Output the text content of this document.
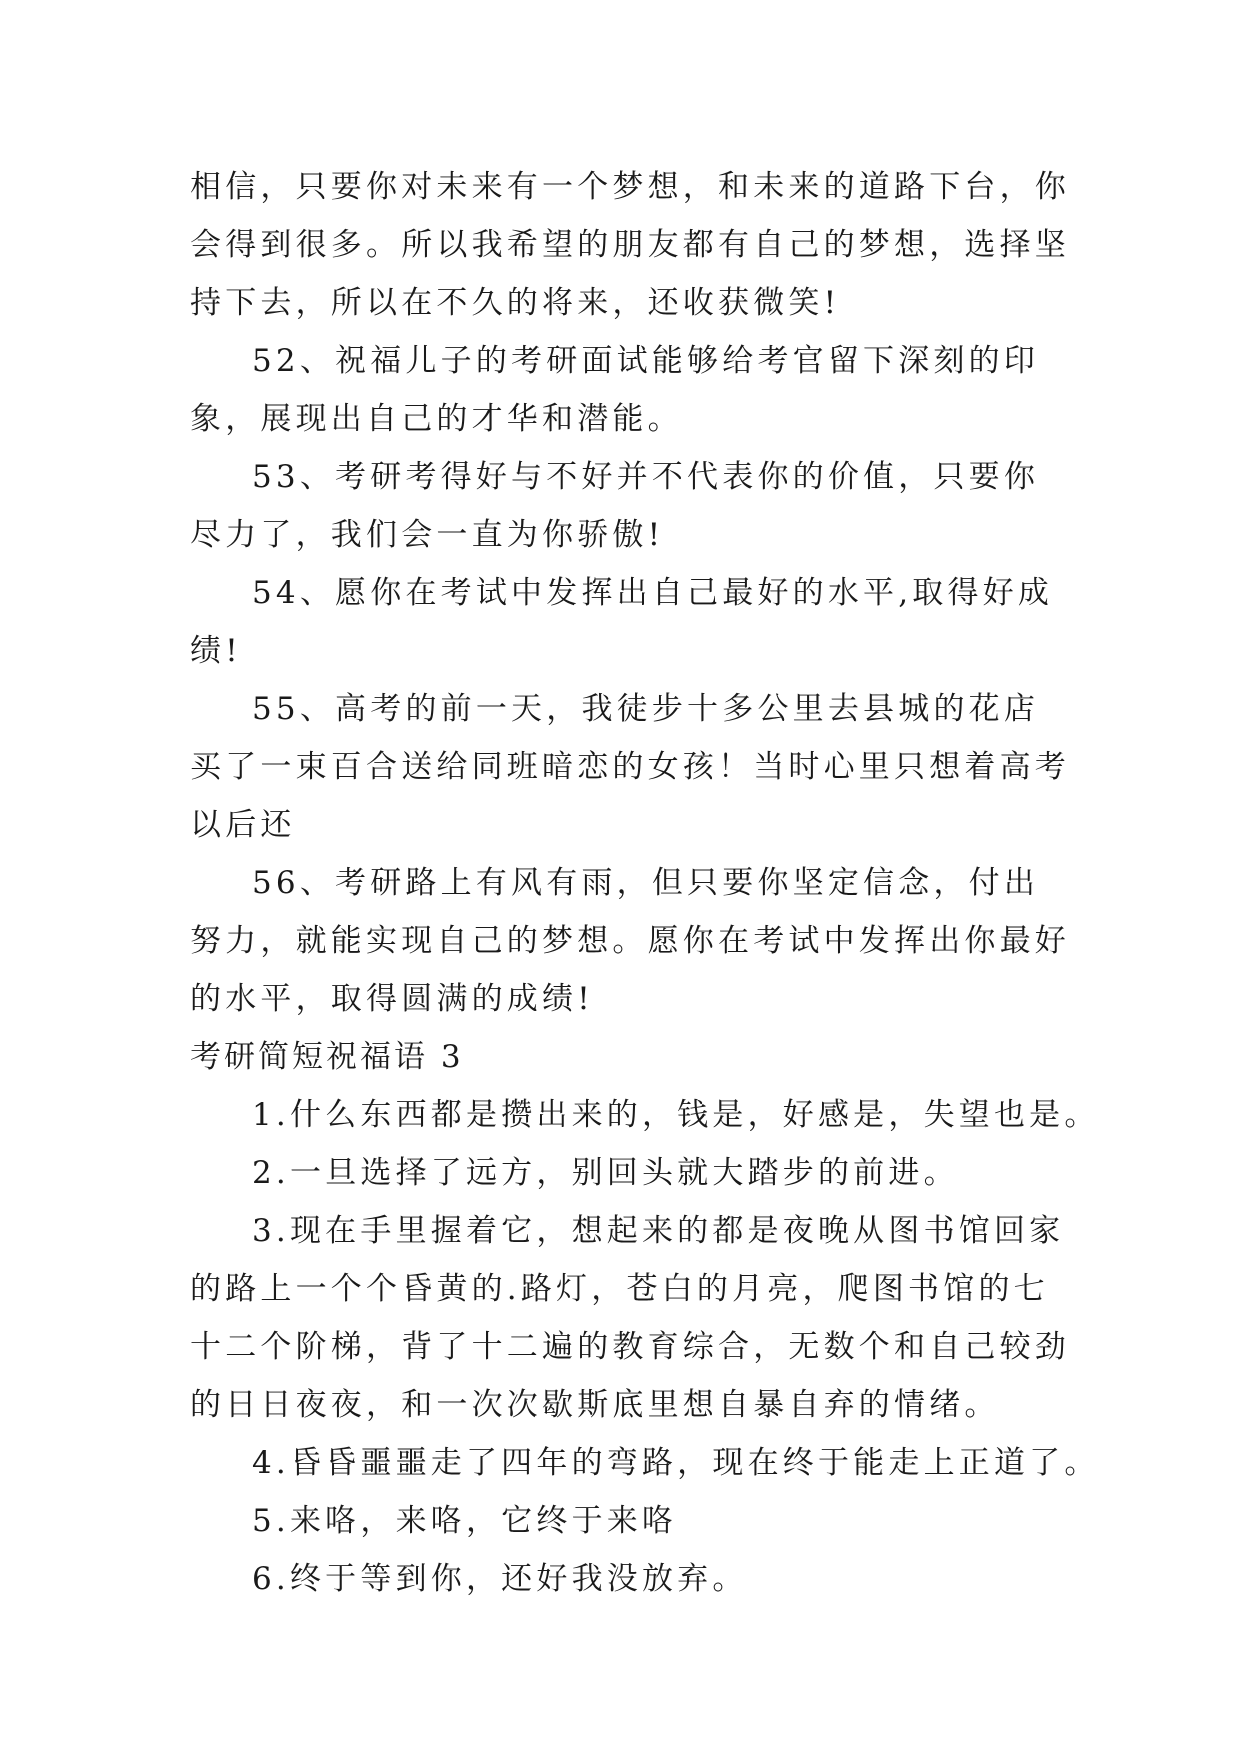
相信，只要你对未来有一个梦想，和未来的道路下台，你会得到很多。所以我希望的朋友都有自己的梦想，选择坚持下去，所以在不久的将来，还收获微笑!

52、祝福儿子的考研面试能够给考官留下深刻的印象，展现出自己的才华和潜能。

53、考研考得好与不好并不代表你的价值，只要你尽力了，我们会一直为你骄傲!

54、愿你在考试中发挥出自己最好的水平,取得好成绩!

55、高考的前一天，我徒步十多公里去县城的花店买了一束百合送给同班暗恋的女孩！当时心里只想着高考以后还

56、考研路上有风有雨，但只要你坚定信念，付出努力，就能实现自己的梦想。愿你在考试中发挥出你最好的水平，取得圆满的成绩!

考研简短祝福语 3

1.什么东西都是攒出来的，钱是，好感是，失望也是。

2.一旦选择了远方，别回头就大踏步的前进。

3.现在手里握着它，想起来的都是夜晚从图书馆回家的路上一个个昏黄的.路灯，苍白的月亮，爬图书馆的七十二个阶梯，背了十二遍的教育综合，无数个和自己较劲的日日夜夜，和一次次歇斯底里想自暴自弃的情绪。

4.昏昏噩噩走了四年的弯路，现在终于能走上正道了。

5.来咯，来咯，它终于来咯

6.终于等到你，还好我没放弃。
